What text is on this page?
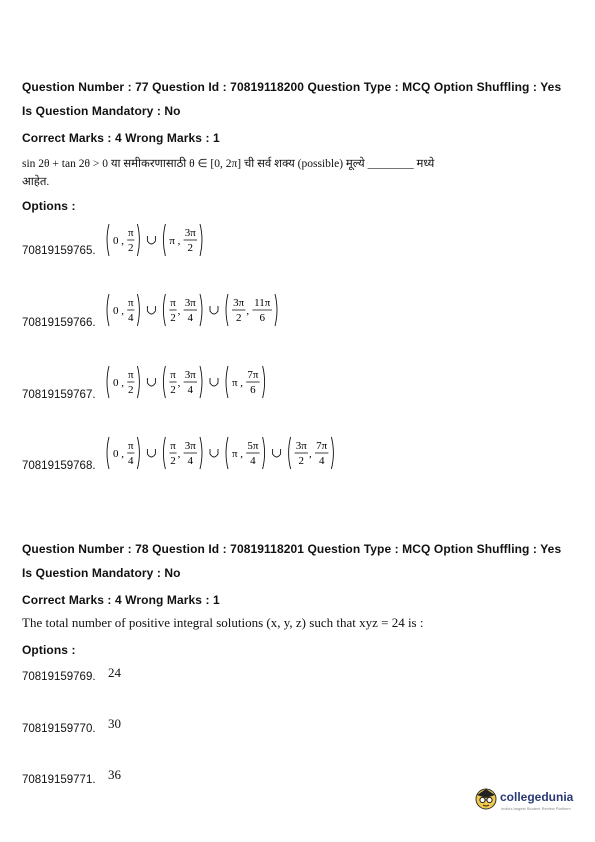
Question Number : 77 Question Id : 70819118200 Question Type : MCQ Option Shuffling : Yes
Is Question Mandatory : No
Correct Marks : 4 Wrong Marks : 1
sin 2θ + tan 2θ > 0 या समीकरणासाठी θ ∈ [0, 2π] ची सर्व शक्य (possible) मूल्ये ________ मध्ये
आहेत.
Options :
70819159765.
0 ,
π
2
π ,
3π
2
70819159766.
0 ,
π
4
π
2
,
3π
4
3π
2
,
11π
6
70819159767.
0 ,
π
2
π
2
,
3π
4
π ,
7π
6
70819159768.
0 ,
π
4
π
2
,
3π
4
π ,
5π
4
3π
2
,
7π
4
Question Number : 78 Question Id : 70819118201 Question Type : MCQ Option Shuffling : Yes
Is Question Mandatory : No
Correct Marks : 4 Wrong Marks : 1
The total number of positive integral solutions (x, y, z) such that xyz = 24 is :
Options :
70819159769. 24
70819159770. 30
70819159771. 36
collegedunia
India's largest Student Review Platform
